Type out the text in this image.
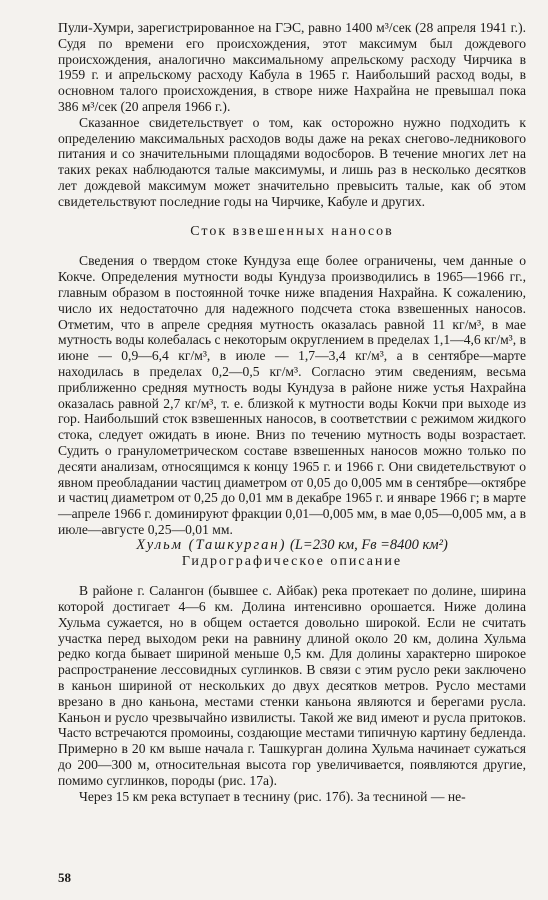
Пули-Хумри, зарегистрированное на ГЭС, равно 1400 м³/сек (28 апреля 1941 г.). Судя по времени его происхождения, этот максимум был дождевого происхождения, аналогично максимальному апрельскому расходу Чирчика в 1959 г. и апрельскому расходу Кабула в 1965 г. Наибольший расход воды, в основном талого происхождения, в створе ниже Нахрайна не превышал пока 386 м³/сек (20 апреля 1966 г.).

Сказанное свидетельствует о том, как осторожно нужно подходить к определению максимальных расходов воды даже на реках снегово-ледникового питания и со значительными площадями водосборов. В течение многих лет на таких реках наблюдаются талые максимумы, и лишь раз в несколько десятков лет дождевой максимум может значительно превысить талые, как об этом свидетельствуют последние годы на Чирчике, Кабуле и других.

Сток взвешенных наносов

Сведения о твердом стоке Кундуза еще более ограничены, чем данные о Кокче. Определения мутности воды Кундуза производились в 1965—1966 гг., главным образом в постоянной точке ниже впадения Нахрайна. К сожалению, число их недостаточно для надежного подсчета стока взвешенных наносов. Отметим, что в апреле средняя мутность оказалась равной 11 кг/м³, в мае мутность воды колебалась с некоторым округлением в пределах 1,1—4,6 кг/м³, в июне — 0,9—6,4 кг/м³, в июле — 1,7—3,4 кг/м³, а в сентябре—марте находилась в пределах 0,2—0,5 кг/м³. Согласно этим сведениям, весьма приближенно средняя мутность воды Кундуза в районе ниже устья Нахрайна оказалась равной 2,7 кг/м³, т. е. близкой к мутности воды Кокчи при выходе из гор. Наибольший сток взвешенных наносов, в соответствии с режимом жидкого стока, следует ожидать в июне. Вниз по течению мутность воды возрастает. Судить о гранулометрическом составе взвешенных наносов можно только по десяти анализам, относящимся к концу 1965 г. и 1966 г. Они свидетельствуют о явном преобладании частиц диаметром от 0,05 до 0,005 мм в сентябре—октябре и частиц диаметром от 0,25 до 0,01 мм в декабре 1965 г. и январе 1966 г; в марте—апреле 1966 г. доминируют фракции 0,01—0,005 мм, в мае 0,05—0,005 мм, а в июле—августе 0,25—0,01 мм.

Хульм (Ташкурган) (L=230 км, Fв =8400 км²)

Гидрографическое описание

В районе г. Салангон (бывшее с. Айбак) река протекает по долине, ширина которой достигает 4—6 км. Долина интенсивно орошается. Ниже долина Хульма сужается, но в общем остается довольно широкой. Если не считать участка перед выходом реки на равнину длиной около 20 км, долина Хульма редко когда бывает шириной меньше 0,5 км. Для долины характерно широкое распространение лессовидных суглинков. В связи с этим русло реки заключено в каньон шириной от нескольких до двух десятков метров. Русло местами врезано в дно каньона, местами стенки каньона являются и берегами русла. Каньон и русло чрезвычайно извилисты. Такой же вид имеют и русла притоков. Часто встречаются промоины, создающие местами типичную картину бедленда. Примерно в 20 км выше начала г. Ташкурган долина Хульма начинает сужаться до 200—300 м, относительная высота гор увеличивается, появляются другие, помимо суглинков, породы (рис. 17а).

Через 15 км река вступает в теснину (рис. 17б). За тесниной — не-

58
